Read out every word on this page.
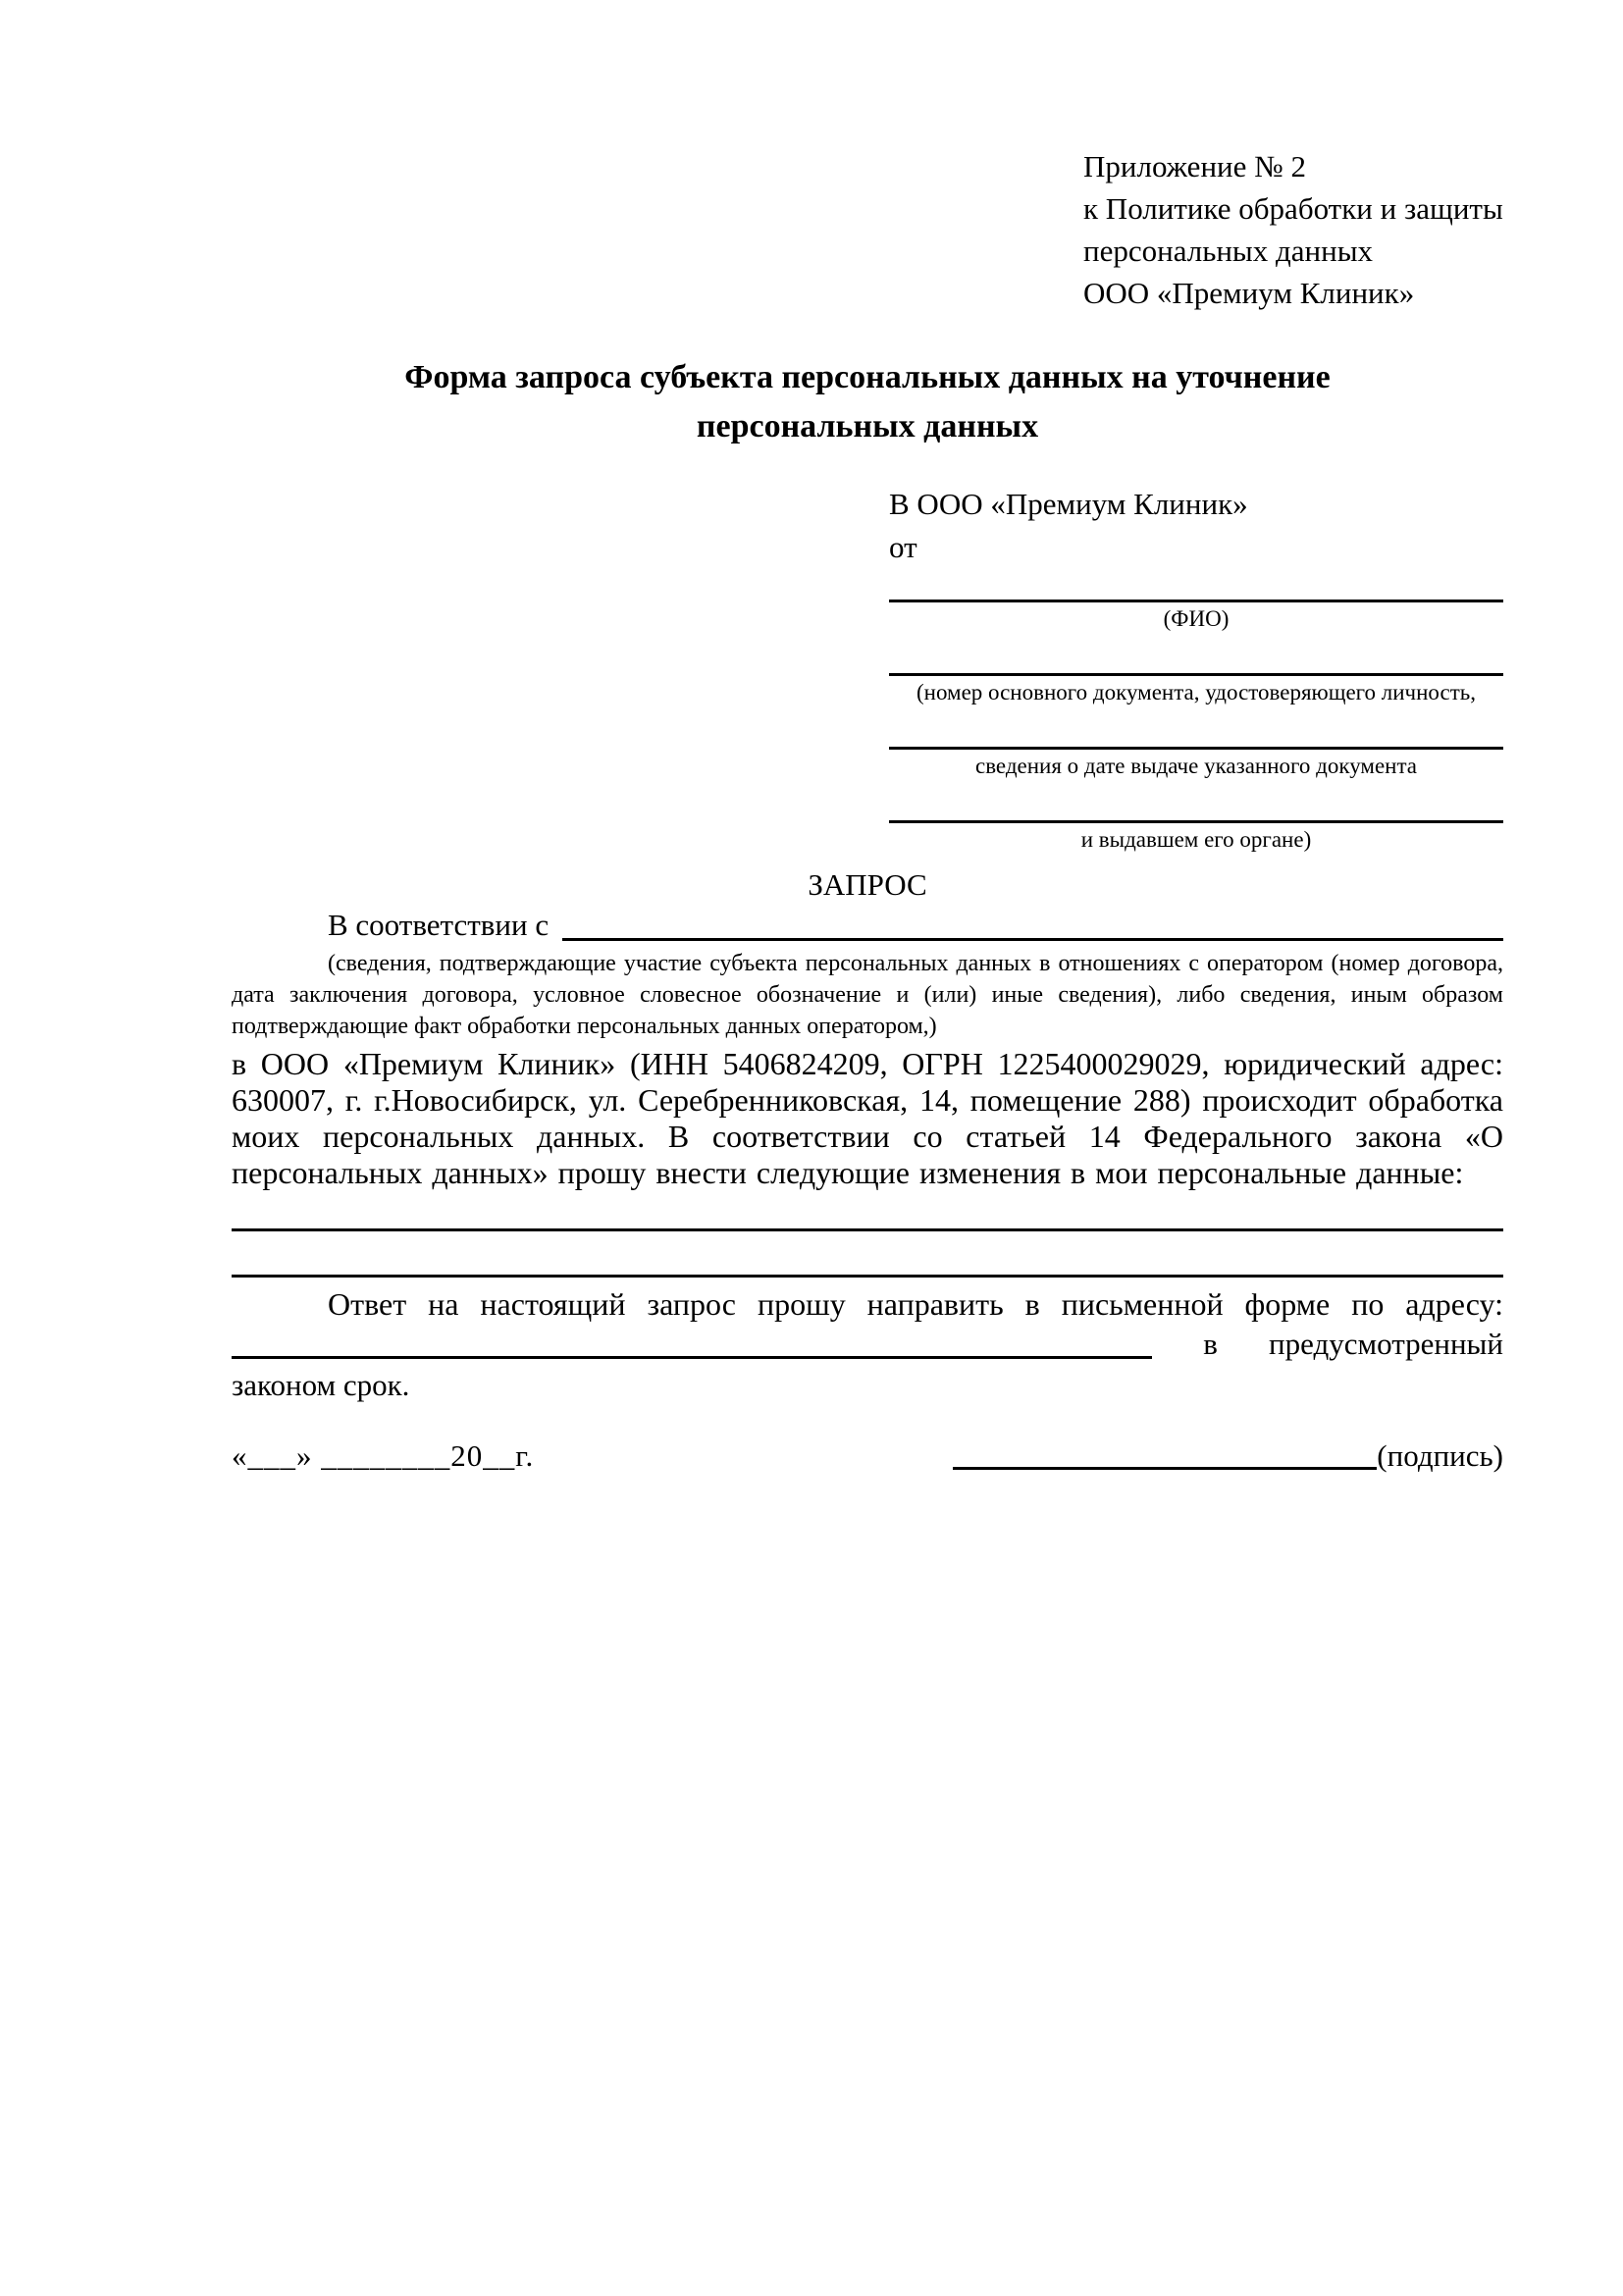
Приложение № 2
к Политике обработки и защиты
персональных данных
ООО «Премиум Клиник»
Форма запроса субъекта персональных данных на уточнение
персональных данных
В ООО «Премиум Клиник»
от
(ФИО)
(номер основного документа, удостоверяющего личность,
сведения о дате выдаче указанного документа
и выдавшем его органе)
ЗАПРОС
В соответствии с

(сведения, подтверждающие участие субъекта персональных данных в отношениях с оператором (номер договора, дата заключения договора, условное словесное обозначение и (или) иные сведения), либо сведения, иным образом подтверждающие факт обработки персональных данных оператором,)

в ООО «Премиум Клиник» (ИНН 5406824209, ОГРН 1225400029029, юридический адрес: 630007, г. г.Новосибирск, ул. Серебренниковская, 14, помещение 288) происходит обработка моих персональных данных. В соответствии со статьей 14 Федерального закона «О персональных данных» прошу внести следующие изменения в мои персональные данные:

Ответ на настоящий запрос прошу направить в письменной форме по адресу:

в предусмотренный
законом срок.
«___» ________20__г.	(подпись)
